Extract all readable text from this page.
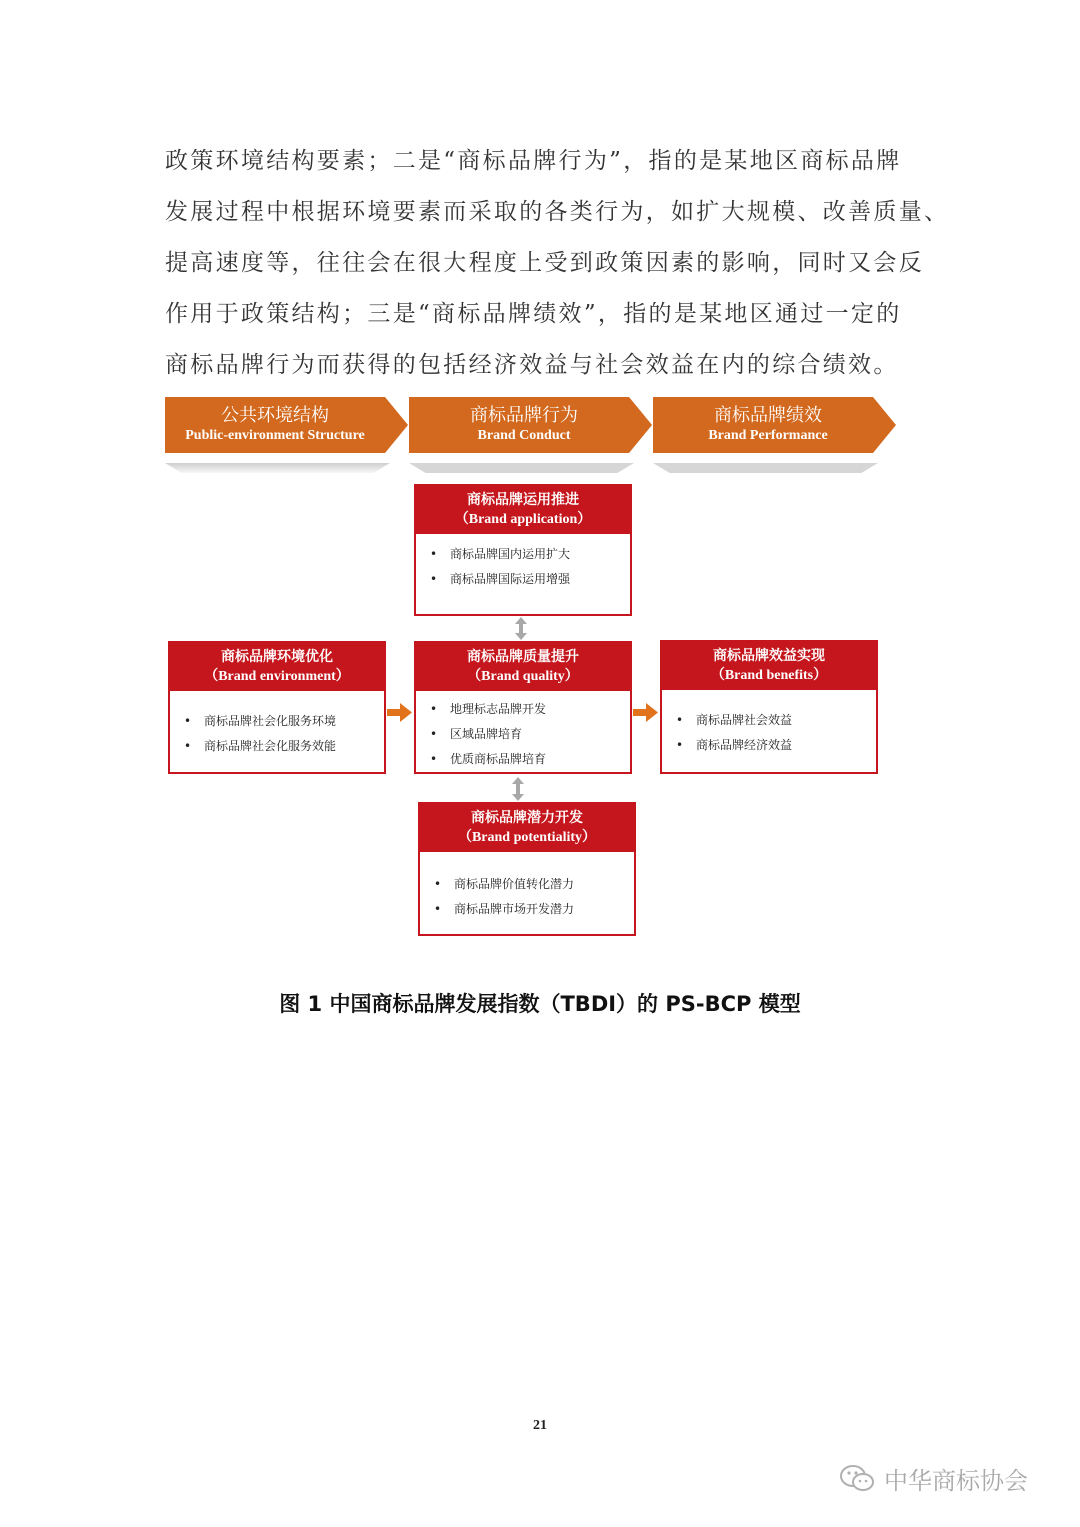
政策环境结构要素；二是“商标品牌行为”，指的是某地区商标品牌
发展过程中根据环境要素而采取的各类行为，如扩大规模、改善质量、
提高速度等，往往会在很大程度上受到政策因素的影响，同时又会反
作用于政策结构；三是“商标品牌绩效”，指的是某地区通过一定的
商标品牌行为而获得的包括经济效益与社会效益在内的综合绩效。
公共环境结构
Public-environment Structure
商标品牌行为
Brand Conduct
商标品牌绩效
Brand Performance
商标品牌运用推进
（Brand application）
• 商标品牌国内运用扩大
• 商标品牌国际运用增强
商标品牌环境优化
（Brand environment）
• 商标品牌社会化服务环境
• 商标品牌社会化服务效能
商标品牌质量提升
（Brand quality）
• 地理标志品牌开发
• 区域品牌培育
• 优质商标品牌培育
商标品牌效益实现
（Brand benefits）
• 商标品牌社会效益
• 商标品牌经济效益
商标品牌潜力开发
（Brand potentiality）
• 商标品牌价值转化潜力
• 商标品牌市场开发潜力
图 1 中国商标品牌发展指数（TBDI）的 PS-BCP 模型
21
中华商标协会
